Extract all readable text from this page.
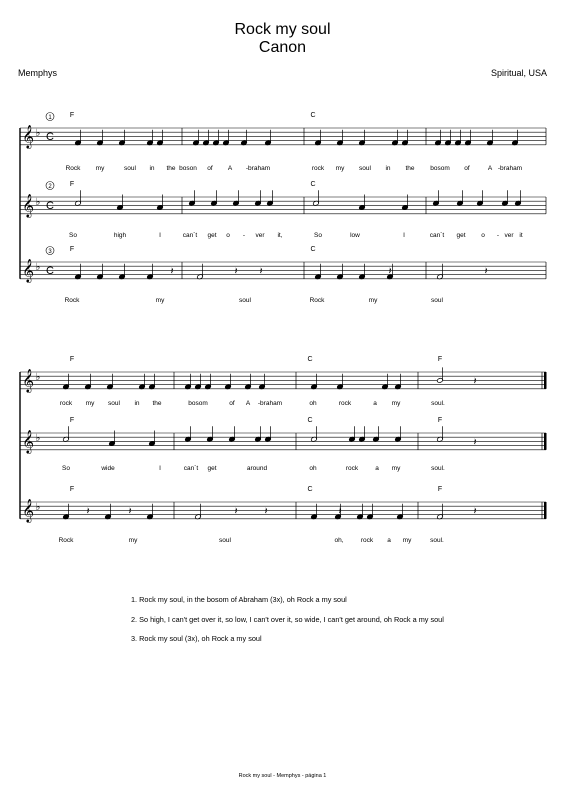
Rock my soul
Canon
Memphys	Spiritual, USA
𝄞 ♭ C
F	C
1
Rock my	soul in the boson of A -braham	rock my soul in the bosom of	A -braham
𝄞 ♭ C
F	C
2
So	high	I	can´t get o - ver it,	So	low	I	can´t get o - ver it
𝄞 ♭ C
F	C
3
Rock	my	soul	Rock	my	soul
𝄽	𝄽 𝄽	𝄽	𝄽
𝄞 ♭
F	C	F
rock my soul in the	bosom	of A -braham	oh	rock	a my	soul.
𝄽
𝄞 ♭
F	C	F
So	wide	I	can´t get	around	oh	rock	a my	soul.
𝄽
𝄞 ♭
F	C	F
Rock	my	soul	oh,	rock a my	soul.
𝄽	𝄽	𝄽	𝄽	𝄽	𝄽
1. Rock my soul, in the bosom of Abraham (3x), oh Rock a my soul
2. So high, I can't get over it, so low, I can't over it, so wide, I can't get around, oh Rock a my soul
3. Rock my soul (3x), oh Rock a my soul
Rock my soul - Memphys - página 1
